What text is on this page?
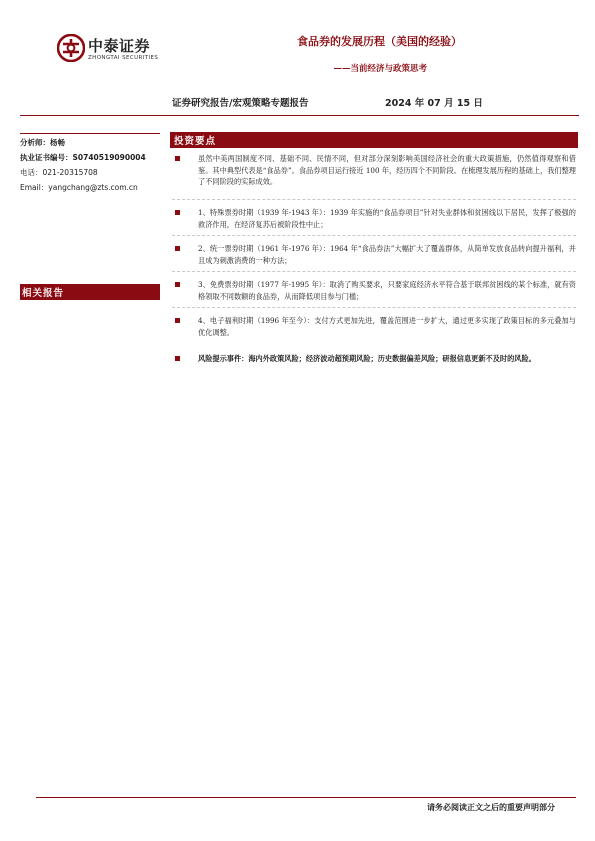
中泰证券
ZHONGTAI SECURITIES
食品券的发展历程（美国的经验）
——当前经济与政策思考
证券研究报告/宏观策略专题报告	2024 年 07 月 15 日
分析师：杨畅
执业证书编号：S0740519090004
电话：021-20315708
Email：yangchang@zts.com.cn
相关报告
投资要点
虽然中美两国制度不同、基础不同、民情不同，但对部分深刻影响美国经济社会的重大政策措施，仍然值得观察和借鉴。其中典型代表是“食品券”。食品券项目运行接近 100 年，经历四个不同阶段。在梳理发展历程的基础上，我们整理了不同阶段的实际成效。
1、特殊票券时期（1939 年-1943 年）：1939 年实施的“食品券项目”针对失业群体和贫困线以下居民，发挥了极强的救济作用，在经济复苏后被阶段性中止；
2、统一票券时期（1961 年-1976 年）：1964 年“食品券法”大幅扩大了覆盖群体，从简单发放食品转向提升福利，并且成为刺激消费的一种方法；
3、免费票券时期（1977 年-1995 年）：取消了购买要求，只要家庭经济水平符合基于联邦贫困线的某个标准，就有资格领取不同数额的食品券，从而降低项目参与门槛；
4、电子福利时期（1996 年至今）：支付方式更加先进，覆盖范围进一步扩大，通过更多实现了政策目标的多元叠加与优化调整。
风险提示事件：海内外政策风险；经济波动超预期风险；历史数据偏差风险；研报信息更新不及时的风险。
请务必阅读正文之后的重要声明部分
